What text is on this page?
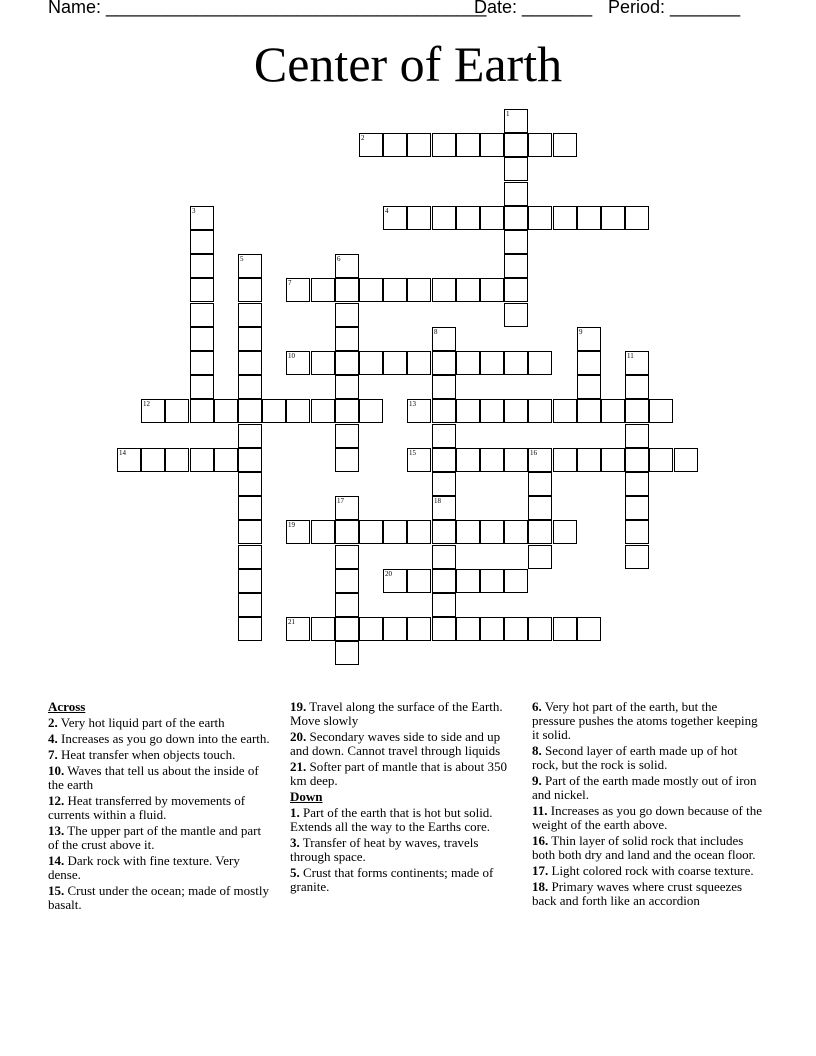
Name: ______________________________________
Date: _______ Period: _______
Center of Earth
1
2
3	4
5	6
7
8
18
9
10	11
12	13
14	15	16
17
19
20
21
Across
2. Very hot liquid part of the earth
4. Increases as you go down into the earth.
7. Heat transfer when objects touch.
10. Waves that tell us about the inside of the earth
12. Heat transferred by movements of currents within a fluid.
13. The upper part of the mantle and part of the crust above it.
14. Dark rock with fine texture. Very dense.
15. Crust under the ocean; made of mostly basalt.
19. Travel along the surface of the Earth. Move slowly
20. Secondary waves side to side and up and down. Cannot travel through liquids
21. Softer part of mantle that is about 350 km deep.
Down
1. Part of the earth that is hot but solid. Extends all the way to the Earths core.
3. Transfer of heat by waves, travels through space.
5. Crust that forms continents; made of granite.
6. Very hot part of the earth, but the pressure pushes the atoms together keeping it solid.
8. Second layer of earth made up of hot rock, but the rock is solid.
9. Part of the earth made mostly out of iron and nickel.
11. Increases as you go down because of the weight of the earth above.
16. Thin layer of solid rock that includes both both dry and land and the ocean floor.
17. Light colored rock with coarse texture.
18. Primary waves where crust squeezes back and forth like an accordion
